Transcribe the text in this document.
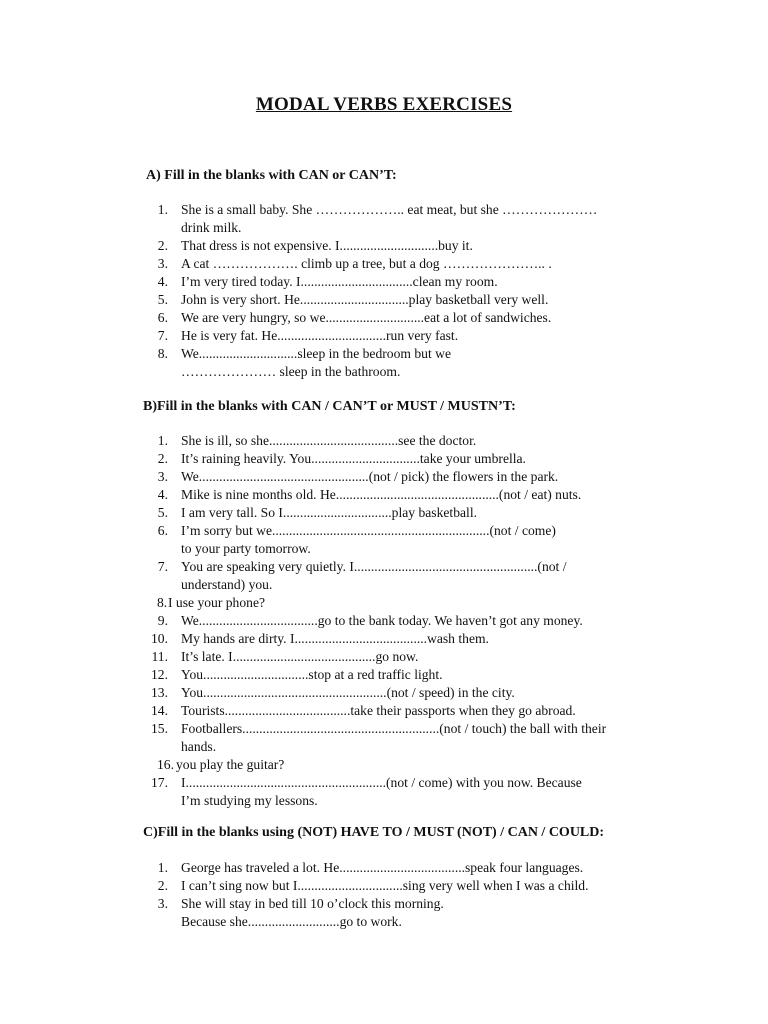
MODAL VERBS EXERCISES
A) Fill in the blanks with CAN or CAN’T:
1. She is a small baby. She ……………….. eat meat, but she …………………
drink milk.
2. That dress is not expensive. I.............................buy it.
3. A cat ………………. climb up a tree, but a dog ………………….. .
4. I’m very tired today. I.................................clean my room.
5. John is very short. He................................play basketball very well.
6. We are very hungry, so we.............................eat a lot of sandwiches.
7. He is very fat. He................................run very fast.
8. We.............................sleep in the bedroom but we
………………… sleep in the bathroom.
B)Fill in the blanks with CAN / CAN’T or MUST / MUSTN’T:
1. She is ill, so she......................................see the doctor.
2. It’s raining heavily. You................................take your umbrella.
3. We..................................................(not / pick) the flowers in the park.
4. Mike is nine months old. He................................................(not / eat) nuts.
5. I am very tall. So I................................play basketball.
6. I’m sorry but we................................................................(not / come)
to your party tomorrow.
7. You are speaking very quietly. I......................................................(not /
understand) you.
8. I use your phone?
9. We...................................go to the bank today. We haven’t got any money.
10. My hands are dirty. I.......................................wash them.
11. It’s late. I..........................................go now.
12. You...............................stop at a red traffic light.
13. You......................................................(not / speed) in the city.
14. Tourists.....................................take their passports when they go abroad.
15. Footballers..........................................................(not / touch) the ball with their
hands.
16. you play the guitar?
17. I...........................................................(not / come) with you now. Because
I’m studying my lessons.
C)Fill in the blanks using (NOT) HAVE TO / MUST (NOT) / CAN / COULD:
1. George has traveled a lot. He.....................................speak four languages.
2. I can’t sing now but I...............................sing very well when I was a child.
3. She will stay in bed till 10 o’clock this morning.
Because she...........................go to work.
